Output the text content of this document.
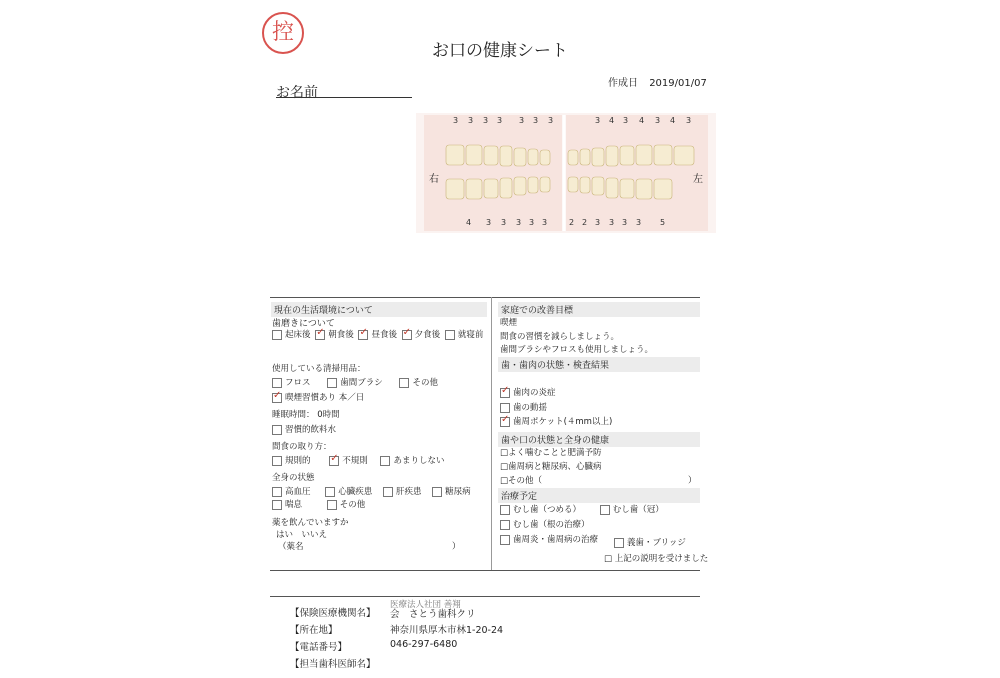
控
お口の健康シート
作成日 2019/01/07
お名前
右	左
3 3 3 3 3 3 3	3 4 3 4 3 4 3
4 3 3 3 3 3	2 2 3 3 3 3 5
現在の生活環境について
歯磨きについて
起床後 ✓ 朝食後 ✓ 昼食後 ✓ 夕食後 就寝前
使用している清掃用品：
フロス	歯間ブラシ	その他
✓喫煙習慣あり 本／日
睡眠時間： 0時間
習慣的飲料水
間食の取り方：
規則的 ✓	不規則	あまりしない
全身の状態
高血圧	心臓疾患	肝疾患	糖尿病
喘息	その他
薬を飲んでいますか
はい　いいえ
（薬名	）
家庭での改善目標
喫煙
間食の習慣を減らしましょう。
歯間ブラシやフロスも使用しましょう。
歯・歯肉の状態・検査結果
✓歯肉の炎症
歯の動揺
✓歯周ポケット(４mm以上)
歯や口の状態と全身の健康
□よく噛むことと肥満予防
□歯周病と糖尿病、心臓病
□その他（	）
治療予定
むし歯（つめる）	むし歯（冠）
むし歯（根の治療）
歯周炎・歯周病の治療	義歯・ブリッジ
□ 上記の説明を受けました
医療法人社団 善翔
【保険医療機関名】 会　さとう歯科クリ
【所在地】	神奈川県厚木市林1-20-24
【電話番号】	046-297-6480
【担当歯科医師名】
